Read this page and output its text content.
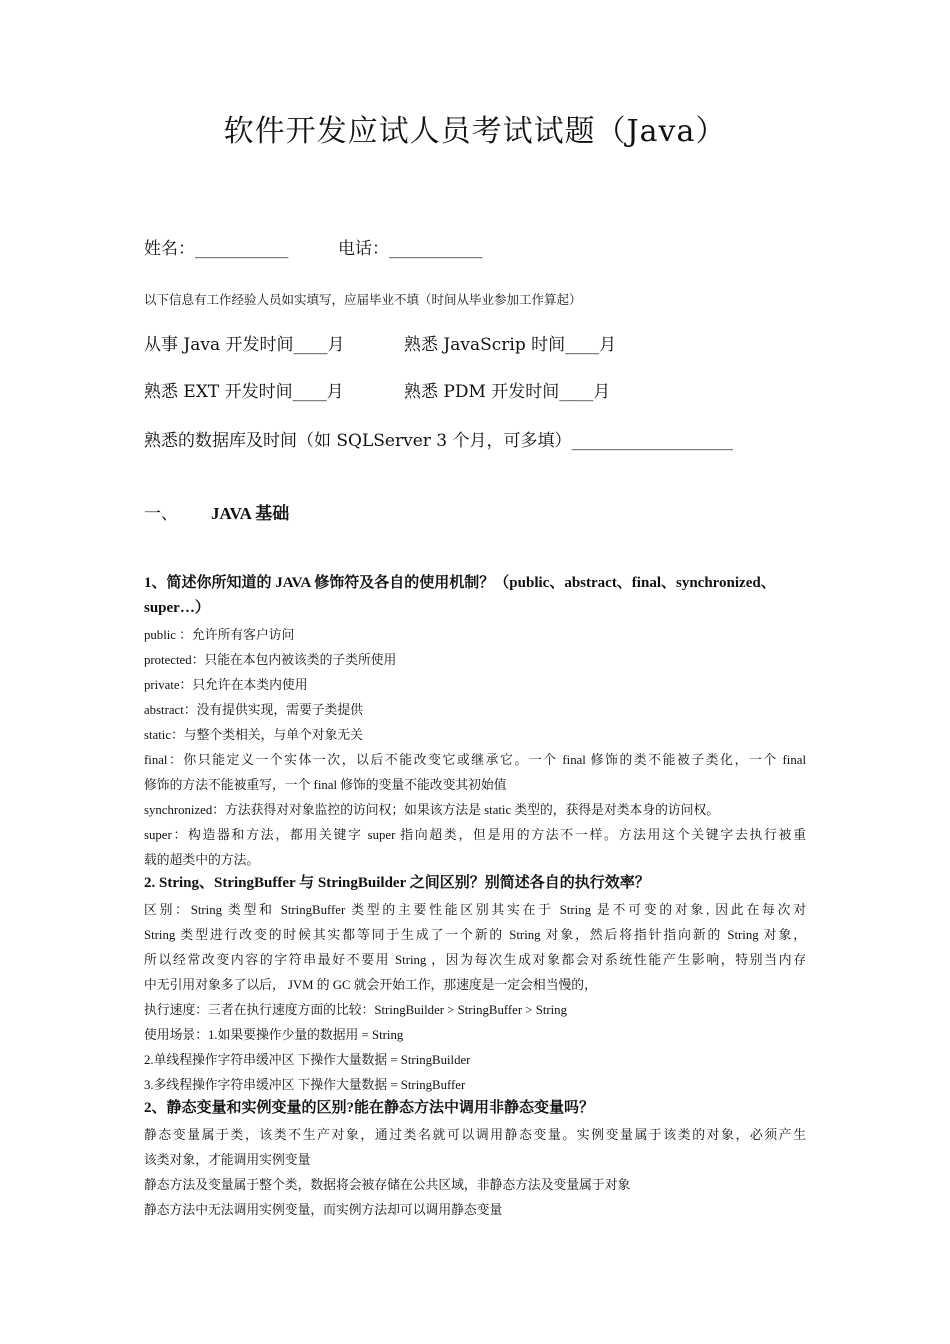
软件开发应试人员考试试题（Java）
姓名：___________	电话：___________
以下信息有工作经验人员如实填写，应届毕业不填（时间从毕业参加工作算起）
从事 Java 开发时间____月	熟悉 JavaScrip 时间____月
熟悉 EXT 开发时间____月	熟悉 PDM 开发时间____月
熟悉的数据库及时间（如 SQLServer 3 个月，可多填）___________________
一、 JAVA 基础
1、简述你所知道的 JAVA 修饰符及各自的使用机制？（public、abstract、final、synchronized、
super…）
public ：允许所有客户访问
protected：只能在本包内被该类的子类所使用
private：只允许在本类内使用
abstract：没有提供实现，需要子类提供
static：与整个类相关，与单个对象无关
final：你只能定义一个实体一次，以后不能改变它或继承它。一个 final 修饰的类不能被子类化，一个 final
修饰的方法不能被重写，一个 final 修饰的变量不能改变其初始值
synchronized：方法获得对对象监控的访问权；如果该方法是 static 类型的，获得是对类本身的访问权。
super：构造器和方法，都用关键字 super 指向超类，但是用的方法不一样。方法用这个关键字去执行被重
载的超类中的方法。
2. String、StringBuffer 与 StringBuilder 之间区别？别简述各自的执行效率？
区别：String 类型和 StringBuffer 类型的主要性能区别其实在于 String 是不可变的对象, 因此在每次对
String 类型进行改变的时候其实都等同于生成了一个新的 String 对象，然后将指针指向新的 String 对象，
所以经常改变内容的字符串最好不要用 String ，因为每次生成对象都会对系统性能产生影响，特别当内存
中无引用对象多了以后， JVM 的 GC 就会开始工作，那速度是一定会相当慢的，
执行速度：三者在执行速度方面的比较：StringBuilder > StringBuffer > String
使用场景：1.如果要操作少量的数据用 = String
2.单线程操作字符串缓冲区 下操作大量数据 = StringBuilder
3.多线程操作字符串缓冲区 下操作大量数据 = StringBuffer
2、静态变量和实例变量的区别?能在静态方法中调用非静态变量吗？
静态变量属于类，该类不生产对象，通过类名就可以调用静态变量。实例变量属于该类的对象，必须产生
该类对象，才能调用实例变量
静态方法及变量属于整个类，数据将会被存储在公共区域，非静态方法及变量属于对象
静态方法中无法调用实例变量，而实例方法却可以调用静态变量
